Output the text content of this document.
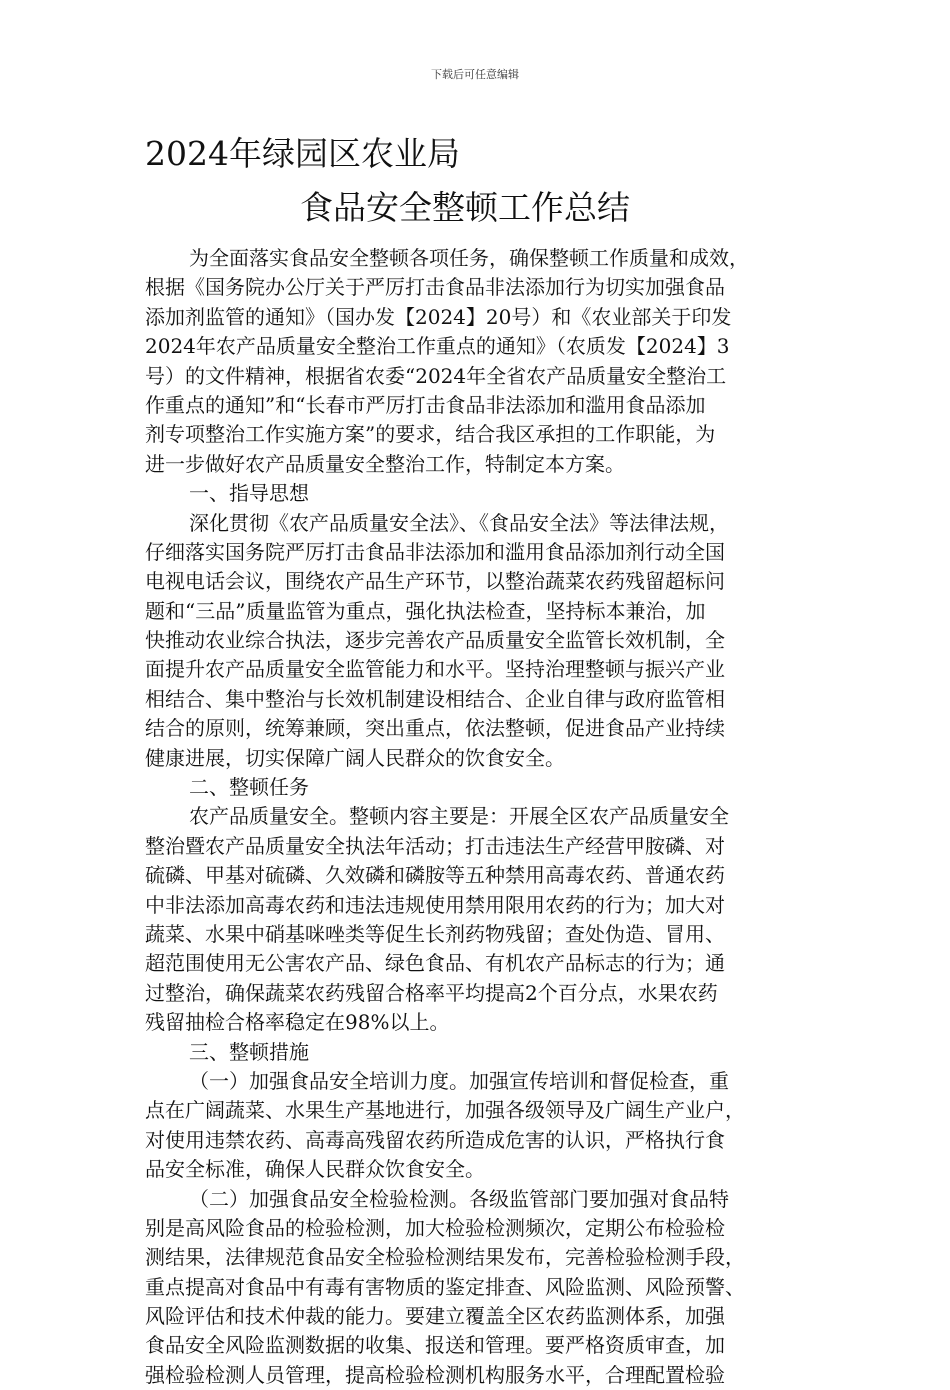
下载后可任意编辑
2024年绿园区农业局
食品安全整顿工作总结
为全面落实食品安全整顿各项任务，确保整顿工作质量和成效，
根据《国务院办公厅关于严厉打击食品非法添加行为切实加强食品
添加剂监管的通知》（国办发【2024】20号）和《农业部关于印发
2024年农产品质量安全整治工作重点的通知》（农质发【2024】3
号）的文件精神，根据省农委“2024年全省农产品质量安全整治工
作重点的通知”和“长春市严厉打击食品非法添加和滥用食品添加
剂专项整治工作实施方案”的要求，结合我区承担的工作职能，为
进一步做好农产品质量安全整治工作，特制定本方案。
一、指导思想
深化贯彻《农产品质量安全法》、《食品安全法》等法律法规，
仔细落实国务院严厉打击食品非法添加和滥用食品添加剂行动全国
电视电话会议，围绕农产品生产环节，以整治蔬菜农药残留超标问
题和“三品”质量监管为重点，强化执法检查，坚持标本兼治，加
快推动农业综合执法，逐步完善农产品质量安全监管长效机制，全
面提升农产品质量安全监管能力和水平。坚持治理整顿与振兴产业
相结合、集中整治与长效机制建设相结合、企业自律与政府监管相
结合的原则，统筹兼顾，突出重点，依法整顿，促进食品产业持续
健康进展，切实保障广阔人民群众的饮食安全。
二、整顿任务
农产品质量安全。整顿内容主要是：开展全区农产品质量安全
整治暨农产品质量安全执法年活动；打击违法生产经营甲胺磷、对
硫磷、甲基对硫磷、久效磷和磷胺等五种禁用高毒农药、普通农药
中非法添加高毒农药和违法违规使用禁用限用农药的行为；加大对
蔬菜、水果中硝基咪唑类等促生长剂药物残留；查处伪造、冒用、
超范围使用无公害农产品、绿色食品、有机农产品标志的行为；通
过整治，确保蔬菜农药残留合格率平均提高2个百分点，水果农药
残留抽检合格率稳定在98%以上。
三、整顿措施
（一）加强食品安全培训力度。加强宣传培训和督促检查，重
点在广阔蔬菜、水果生产基地进行，加强各级领导及广阔生产业户，
对使用违禁农药、高毒高残留农药所造成危害的认识，严格执行食
品安全标准，确保人民群众饮食安全。
（二）加强食品安全检验检测。各级监管部门要加强对食品特
别是高风险食品的检验检测，加大检验检测频次，定期公布检验检
测结果，法律规范食品安全检验检测结果发布，完善检验检测手段，
重点提高对食品中有毒有害物质的鉴定排查、风险监测、风险预警、
风险评估和技术仲裁的能力。要建立覆盖全区农药监测体系，加强
食品安全风险监测数据的收集、报送和管理。要严格资质审查，加
强检验检测人员管理，提高检验检测机构服务水平，合理配置检验
